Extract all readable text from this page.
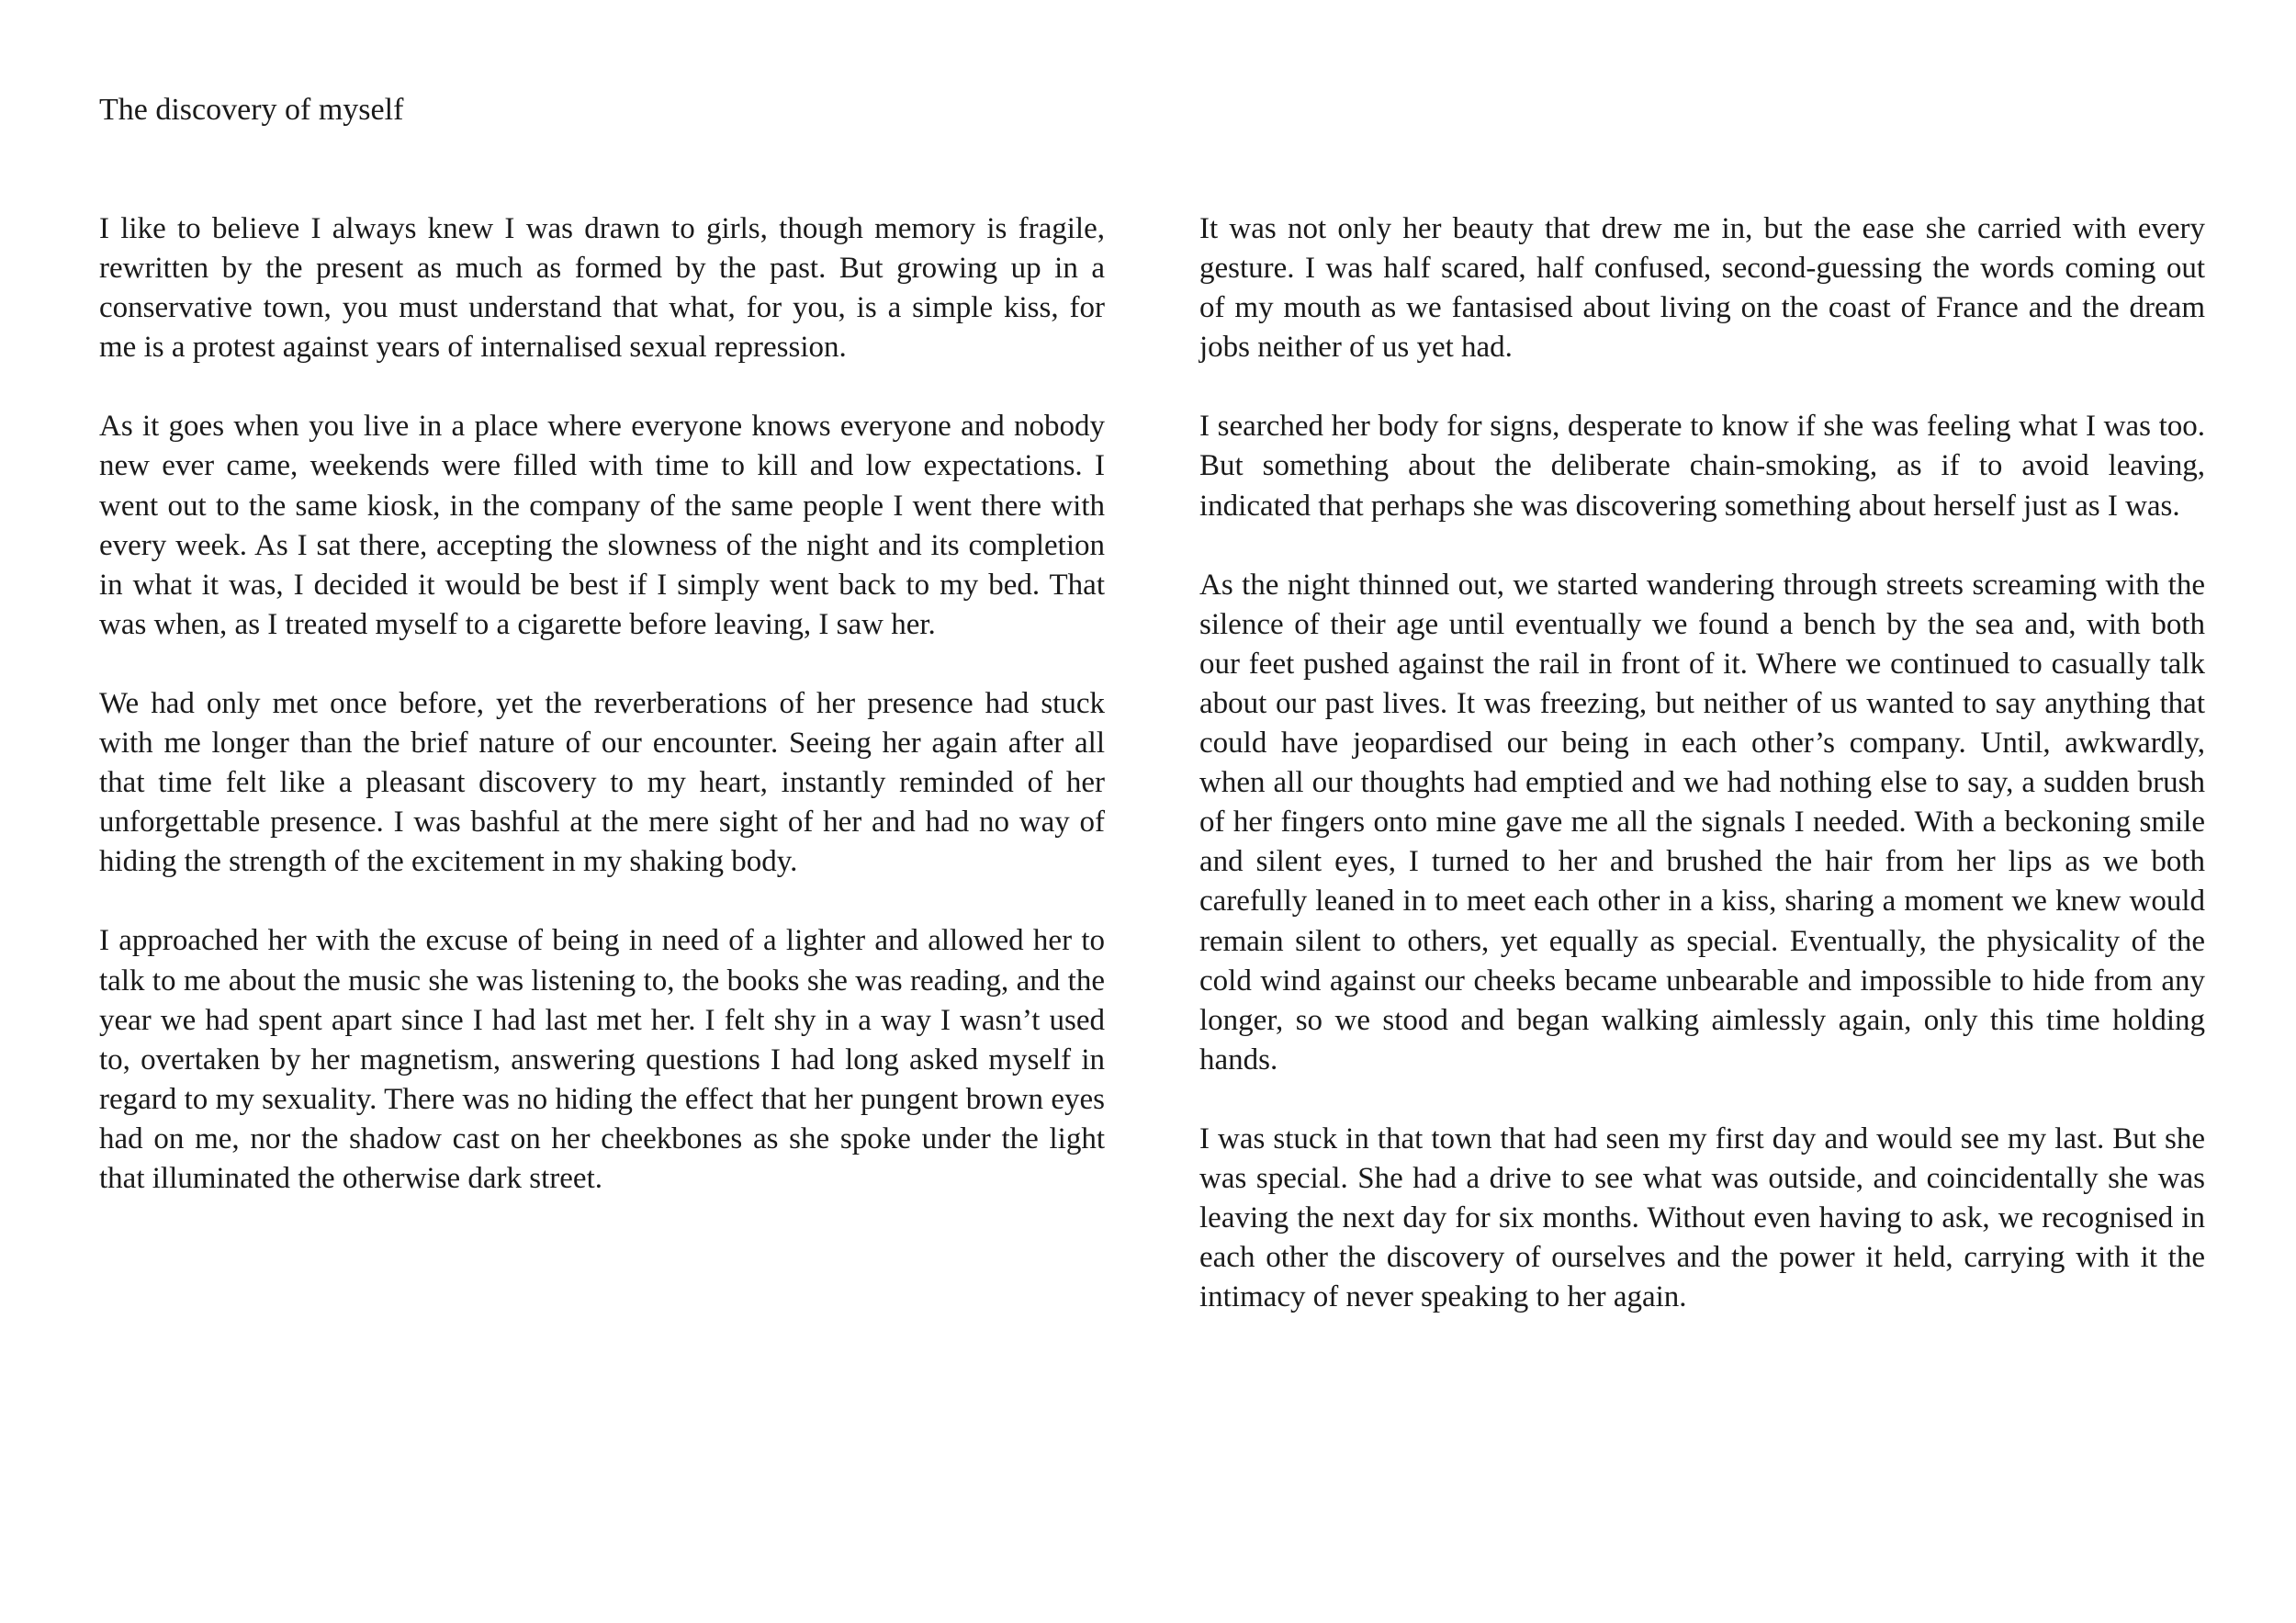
The discovery of myself

I like to believe I always knew I was drawn to girls, though memory is fragile, rewritten by the present as much as formed by the past. But growing up in a conservative town, you must understand that what, for you, is a simple kiss, for me is a protest against years of internalised sexual repression.

As it goes when you live in a place where everyone knows everyone and nobody new ever came, weekends were filled with time to kill and low expectations. I went out to the same kiosk, in the company of the same people I went there with every week. As I sat there, accepting the slowness of the night and its completion in what it was, I decided it would be best if I simply went back to my bed. That was when, as I treated myself to a cigarette before leaving, I saw her.

We had only met once before, yet the reverberations of her presence had stuck with me longer than the brief nature of our encounter. Seeing her again after all that time felt like a pleasant discovery to my heart, instantly reminded of her unforgettable presence. I was bashful at the mere sight of her and had no way of hiding the strength of the excitement in my shaking body.

I approached her with the excuse of being in need of a lighter and allowed her to talk to me about the music she was listening to, the books she was reading, and the year we had spent apart since I had last met her. I felt shy in a way I wasn’t used to, overtaken by her magnetism, answering questions I had long asked myself in regard to my sexuality. There was no hiding the effect that her pungent brown eyes had on me, nor the shadow cast on her cheekbones as she spoke under the light that illuminated the otherwise dark street.

It was not only her beauty that drew me in, but the ease she carried with every gesture. I was half scared, half confused, second-guessing the words coming out of my mouth as we fantasised about living on the coast of France and the dream jobs neither of us yet had.

I searched her body for signs, desperate to know if she was feeling what I was too. But something about the deliberate chain-smoking, as if to avoid leaving, indicated that perhaps she was discovering something about herself just as I was.

As the night thinned out, we started wandering through streets screaming with the silence of their age until eventually we found a bench by the sea and, with both our feet pushed against the rail in front of it. Where we continued to casually talk about our past lives. It was freezing, but neither of us wanted to say anything that could have jeopardised our being in each other’s company. Until, awkwardly, when all our thoughts had emptied and we had nothing else to say, a sudden brush of her fingers onto mine gave me all the signals I needed. With a beckoning smile and silent eyes, I turned to her and brushed the hair from her lips as we both carefully leaned in to meet each other in a kiss, sharing a moment we knew would remain silent to others, yet equally as special. Eventually, the physicality of the cold wind against our cheeks became unbearable and impossible to hide from any longer, so we stood and began walking aimlessly again, only this time holding hands.

I was stuck in that town that had seen my first day and would see my last. But she was special. She had a drive to see what was outside, and coincidentally she was leaving the next day for six months. Without even having to ask, we recognised in each other the discovery of ourselves and the power it held, carrying with it the intimacy of never speaking to her again.
